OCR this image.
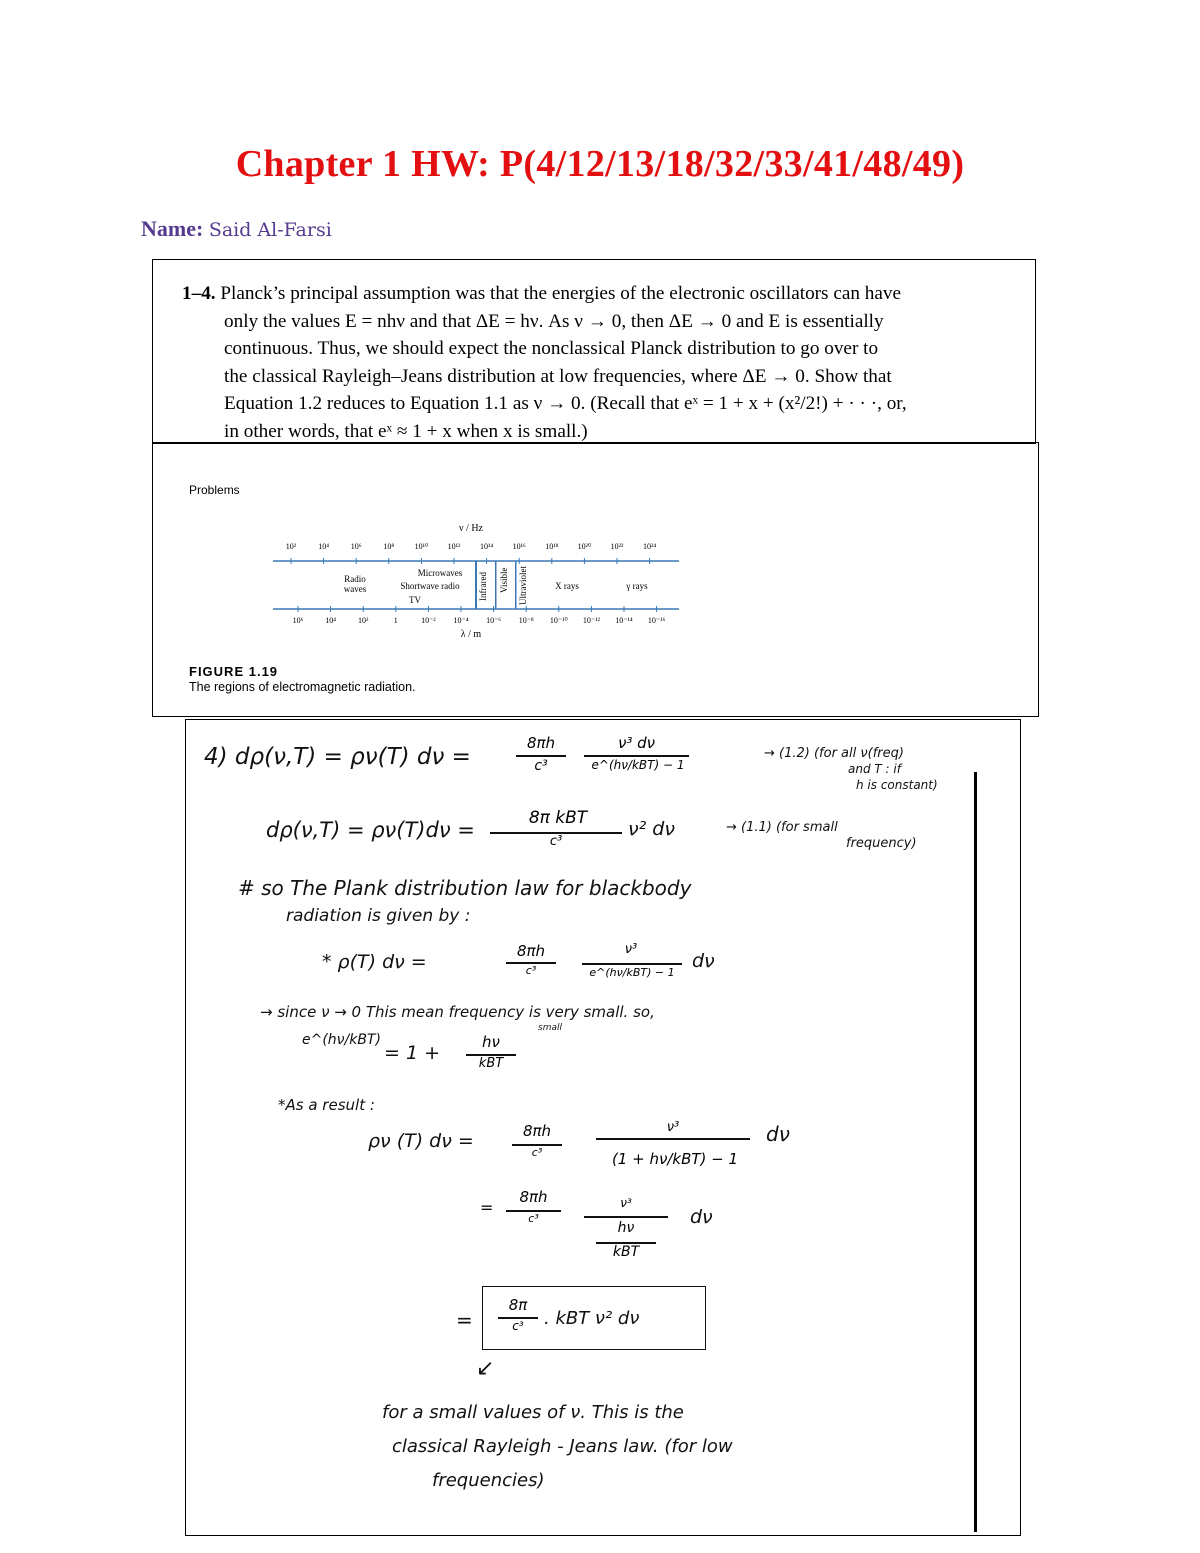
Chapter 1 HW: P(4/12/13/18/32/33/41/48/49)
Name: Said Al-Farsi
1–4. Planck’s principal assumption was that the energies of the electronic oscillators can have
only the values E = nhν and that ΔE = hν. As ν → 0, then ΔE → 0 and E is essentially
continuous. Thus, we should expect the nonclassical Planck distribution to go over to
the classical Rayleigh–Jeans distribution at low frequencies, where ΔE → 0. Show that
Equation 1.2 reduces to Equation 1.1 as ν → 0. (Recall that eˣ = 1 + x + (x²/2!) + · · ·, or,
in other words, that eˣ ≈ 1 + x when x is small.)
Problems
ν / Hz
10²	10⁴	10⁶	10⁸	10¹⁰ 10¹² 10¹⁴ 10¹⁶ 10¹⁸ 10²⁰ 10²² 10²⁴
Radio
waves
Microwaves
Shortwave radio
TV	Infrared Visible Ultraviolet	X rays	γ rays
10⁶	10⁴	10²	1	10⁻² 10⁻⁴ 10⁻⁶ 10⁻⁸ 10⁻¹⁰ 10⁻¹² 10⁻¹⁴ 10⁻¹⁶
λ / m
FIGURE 1.19
The regions of electromagnetic radiation.
4) dρ(ν,T) = ρν(T) dν =
8πh
c³
ν³ dν
e^(hν/kBT) − 1
→ (1.2) (for all ν(freq)
and T : if
h is constant)
dρ(ν,T) = ρν(T)dν =	8π kBT
c³
ν² dν	→ (1.1) (for small
frequency)
# so The Plank distribution law for blackbody
radiation is given by :
* ρ(T) dν =	8πh
c³
ν³
e^(hν/kBT) − 1
dν
→ since ν → 0 This mean frequency is very small. so,
small
e^(hν/kBT)
= 1 +	hν
kBT
*As a result :
ρν (T) dν =	8πh
c³
ν³
(1 + hν/kBT) − 1
dν
=
8πh
c³
ν³
hν
kBT
dν
=
8π
c³	. kBT ν² dν
↙
for a small values of ν. This is the
classical Rayleigh - Jeans law. (for low
frequencies)
